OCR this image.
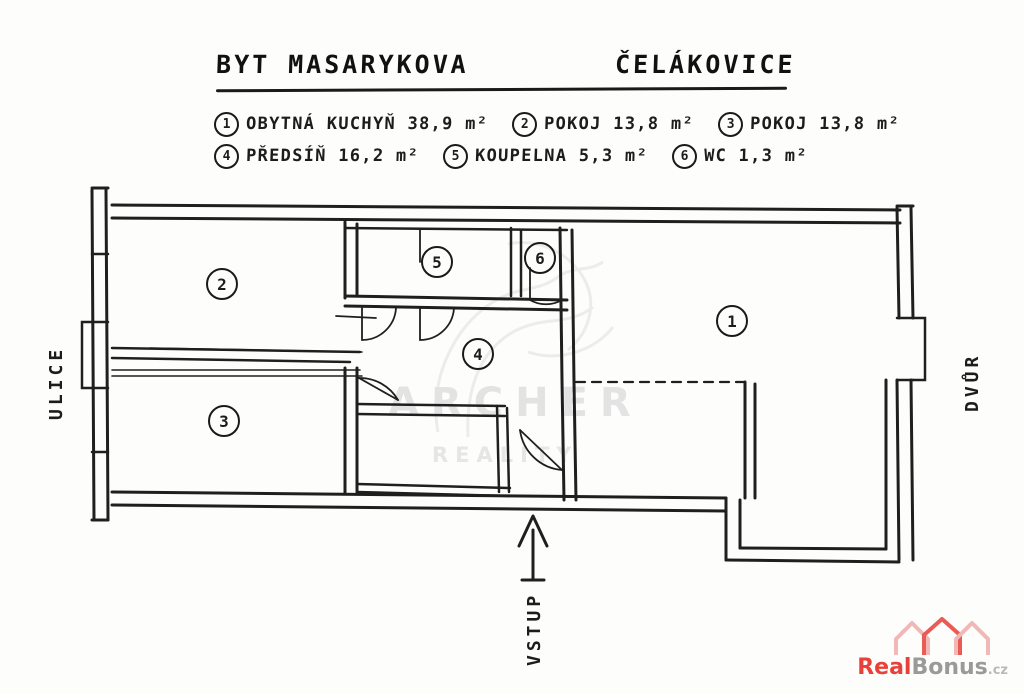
BYT MASARYKOVA	ČELÁKOVICE
1 OBYTNÁ KUCHYŇ 38,9 m²	2 POKOJ 13,8 m²	3 POKOJ 13,8 m²
4 PŘEDSÍŇ 16,2 m²	5 KOUPELNA 5,3 m²	6 WC 1,3 m²
ARCHER
REALITY
2
3
5	6
4
1
ULICE	DVŮR
VSTUP
RealBonus.cz
